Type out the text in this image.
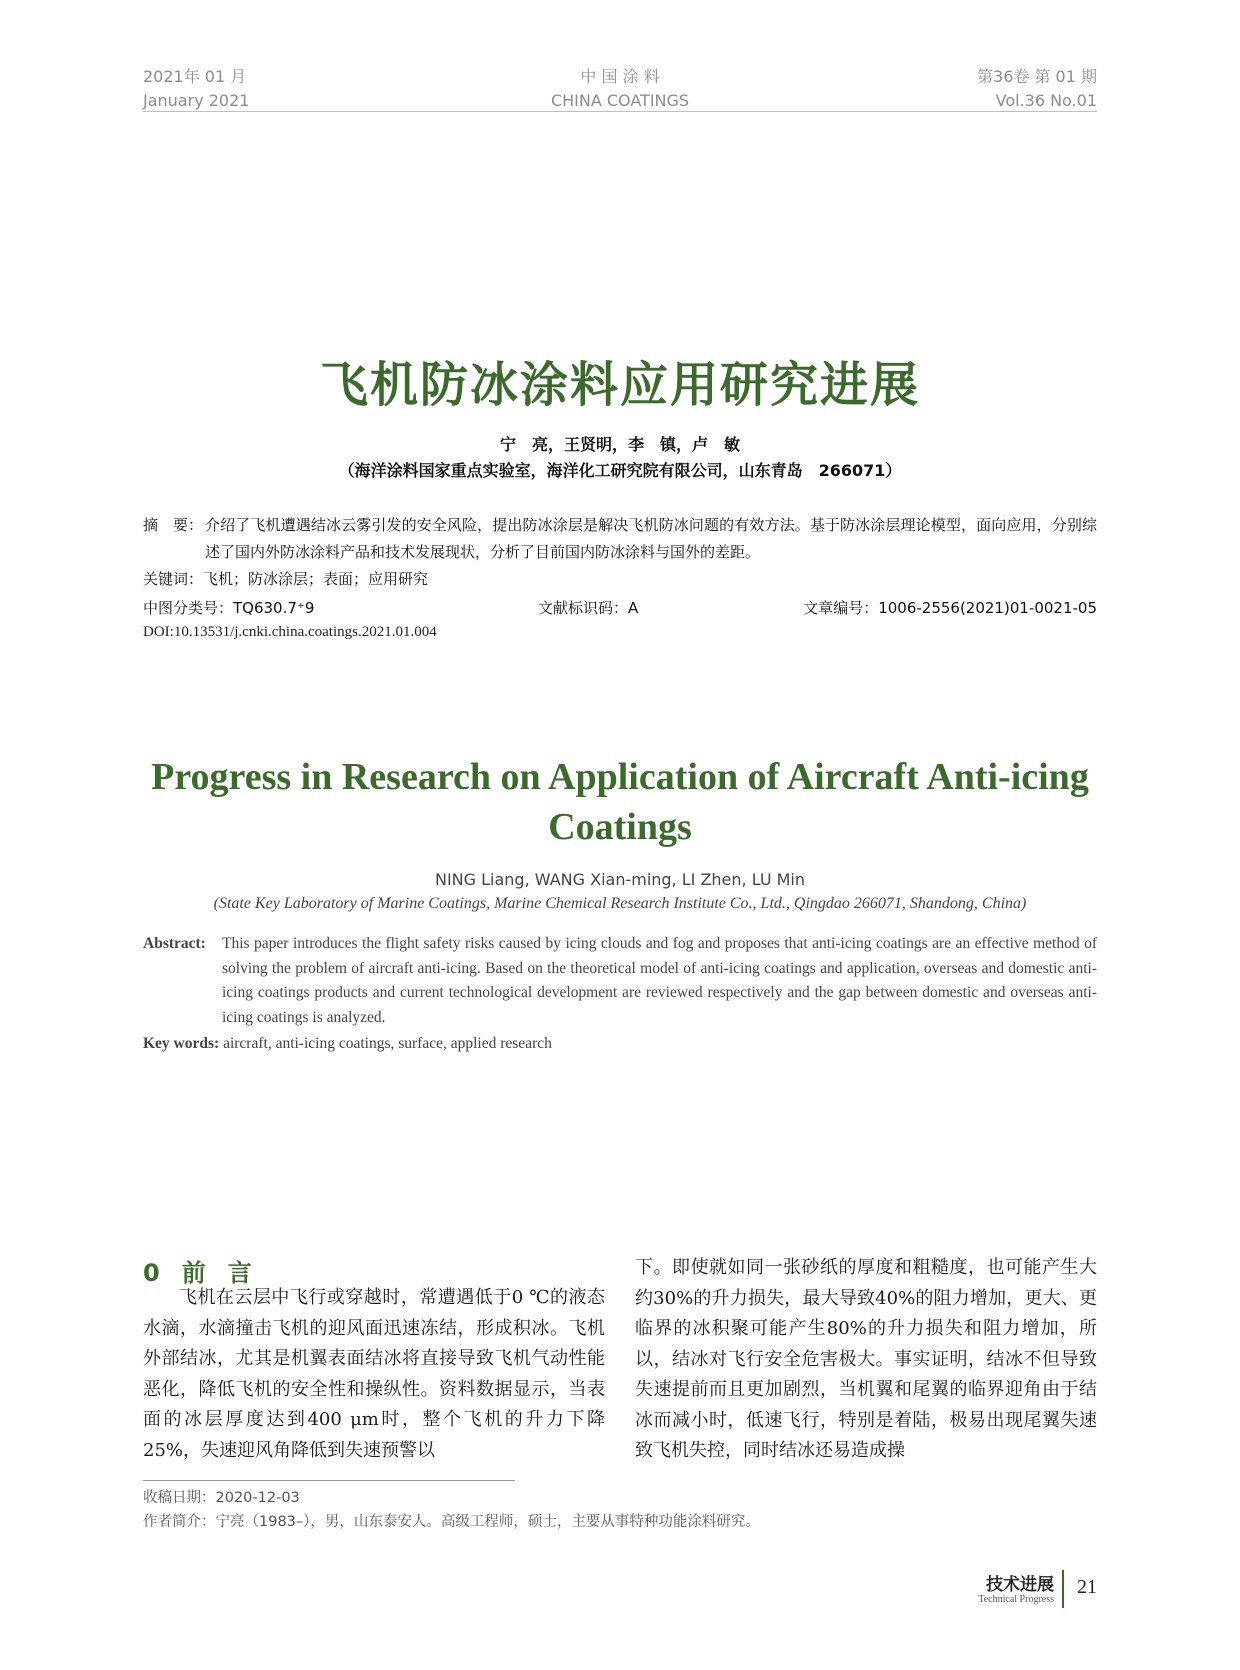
2021年 01 月
January 2021
中 国 涂 料
CHINA COATINGS
第36卷 第 01 期
Vol.36 No.01
飞机防冰涂料应用研究进展
宁　亮，王贤明，李　镇，卢　敏
（海洋涂料国家重点实验室，海洋化工研究院有限公司，山东青岛　266071）
摘　要： 介绍了飞机遭遇结冰云雾引发的安全风险，提出防冰涂层是解决飞机防冰问题的有效方法。基于防冰涂层理论模型，面向应用，分别综述了国内外防冰涂料产品和技术发展现状，分析了目前国内防冰涂料与国外的差距。
关键词：飞机；防冰涂层；表面；应用研究
中图分类号：TQ630.7⁺9	文献标识码：A	文章编号：1006-2556(2021)01-0021-05
DOI:10.13531/j.cnki.china.coatings.2021.01.004
Progress in Research on Application of Aircraft Anti-icing Coatings
NING Liang, WANG Xian-ming, LI Zhen, LU Min
(State Key Laboratory of Marine Coatings, Marine Chemical Research Institute Co., Ltd., Qingdao 266071, Shandong, China)
Abstract: This paper introduces the flight safety risks caused by icing clouds and fog and proposes that anti-icing coatings are an effective method of solving the problem of aircraft anti-icing. Based on the theoretical model of anti-icing coatings and application, overseas and domestic anti-icing coatings products and current technological development are reviewed respectively and the gap between domestic and overseas anti-icing coatings is analyzed.
Key words: aircraft, anti-icing coatings, surface, applied research
0 前言
飞机在云层中飞行或穿越时，常遭遇低于0 ℃的液态水滴，水滴撞击飞机的迎风面迅速冻结，形成积冰。飞机外部结冰，尤其是机翼表面结冰将直接导致飞机气动性能恶化，降低飞机的安全性和操纵性。资料数据显示，当表面的冰层厚度达到400 μm时，整个飞机的升力下降25%，失速迎风角降低到失速预警以
下。即使就如同一张砂纸的厚度和粗糙度，也可能产生大约30%的升力损失，最大导致40%的阻力增加，更大、更临界的冰积聚可能产生80%的升力损失和阻力增加，所以，结冰对飞行安全危害极大。事实证明，结冰不但导致失速提前而且更加剧烈，当机翼和尾翼的临界迎角由于结冰而减小时，低速飞行，特别是着陆，极易出现尾翼失速致飞机失控，同时结冰还易造成操
收稿日期：2020-12-03
作者简介：宁亮（1983–），男，山东泰安人。高级工程师，硕士，主要从事特种功能涂料研究。
技术进展
Technical Progress
21
